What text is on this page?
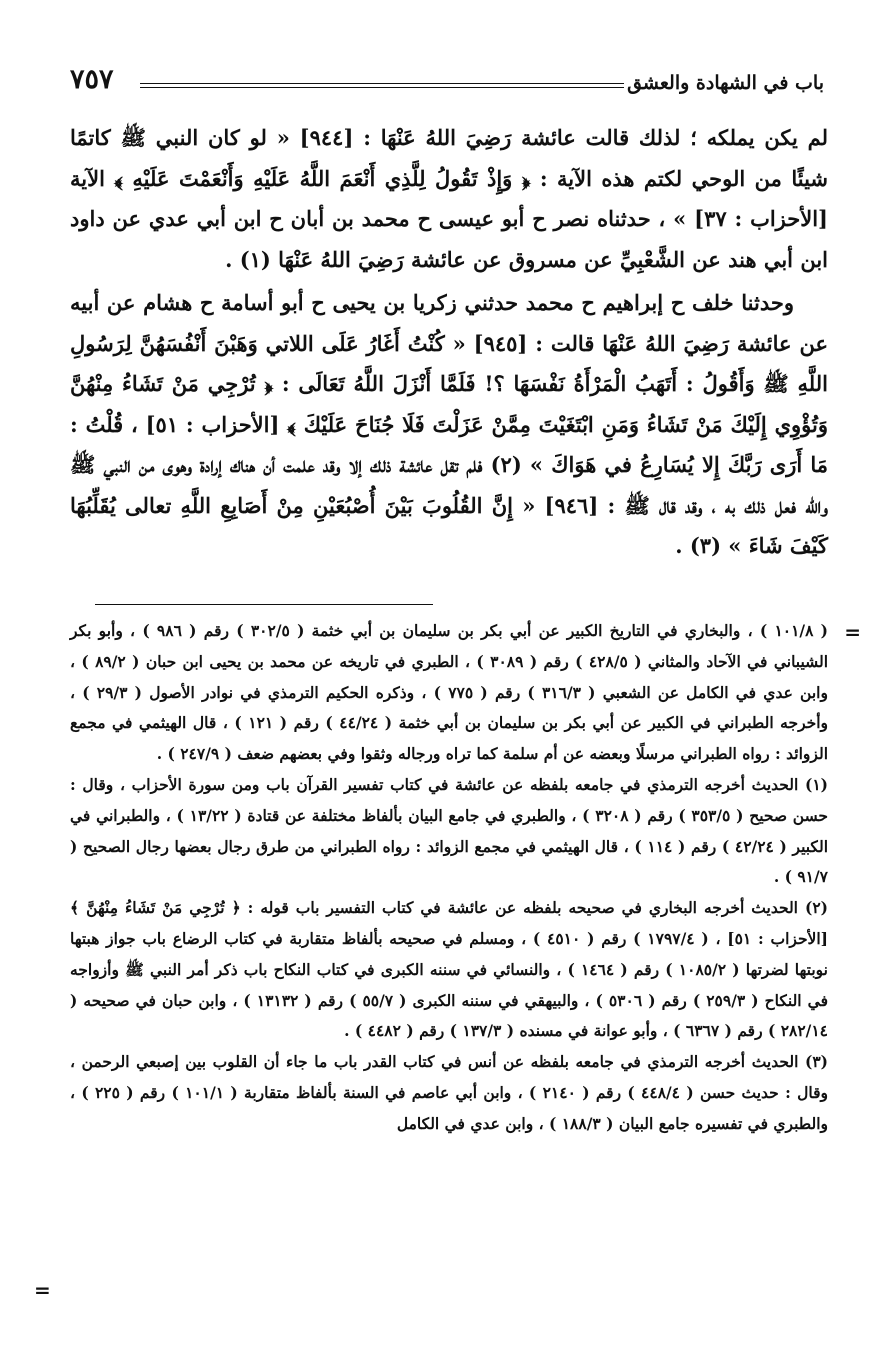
٧٥٧	باب في الشهادة والعشق

لم يكن يملكه ؛ لذلك قالت عائشة رَضِيَ اللهُ عَنْهَا : [٩٤٤] « لو كان النبي ﷺ كاتمًا شيئًا من الوحي لكتم هذه الآية : ﴿ وَإِذْ تَقُولُ لِلَّذِي أَنْعَمَ اللَّهُ عَلَيْهِ وَأَنْعَمْتَ عَلَيْهِ ﴾ الآية [الأحزاب : ٣٧] » ، حدثناه نصر ح أبو عيسى ح محمد بن أبان ح ابن أبي عدي عن داود ابن أبي هند عن الشَّعْبِيِّ عن مسروق عن عائشة رَضِيَ اللهُ عَنْهَا (١) .

وحدثنا خلف ح إبراهيم ح محمد حدثني زكريا بن يحيى ح أبو أسامة ح هشام عن أبيه عن عائشة رَضِيَ اللهُ عَنْهَا قالت : [٩٤٥] « كُنْتُ أَغَارُ عَلَى اللاتي وَهَبْنَ أَنْفُسَهُنَّ لِرَسُولِ اللَّهِ ﷺ وَأَقُولُ : أَتَهَبُ الْمَرْأَةُ نَفْسَهَا ؟! فَلَمَّا أَنْزَلَ اللَّهُ تَعَالَى : ﴿ تُرْجِي مَنْ تَشَاءُ مِنْهُنَّ وَتُؤْوِي إِلَيْكَ مَنْ تَشَاءُ وَمَنِ ابْتَغَيْتَ مِمَّنْ عَزَلْتَ فَلَا جُنَاحَ عَلَيْكَ ﴾ [الأحزاب : ٥١] ، قُلْتُ : مَا أَرَى رَبَّكَ إِلا يُسَارِعُ في هَوَاكَ » (٢) فلم تقل عائشة ذلك إلا وقد علمت أن هناك إرادة وهوى من النبي ﷺ والله فعل ذلك به ، وقد قال ﷺ : [٩٤٦] « إِنَّ القُلُوبَ بَيْنَ أُصْبُعَيْنِ مِنْ أَصَابِعِ اللَّهِ تعالى يُقَلِّبُهَا كَيْفَ شَاءَ » (٣) .

=

( ١٠١/٨ ) ، والبخاري في التاريخ الكبير عن أبي بكر بن سليمان بن أبي خثمة ( ٣٠٢/٥ ) رقم ( ٩٨٦ ) ، وأبو بكر الشيباني في الآحاد والمثاني ( ٤٢٨/٥ ) رقم ( ٣٠٨٩ ) ، الطبري في تاريخه عن محمد بن يحيى ابن حبان ( ٨٩/٢ ) ، وابن عدي في الكامل عن الشعبي ( ٣١٦/٣ ) رقم ( ٧٧٥ ) ، وذكره الحكيم الترمذي في نوادر الأصول ( ٢٩/٣ ) ، وأخرجه الطبراني في الكبير عن أبي بكر بن سليمان بن أبي خثمة ( ٤٤/٢٤ ) رقم ( ١٢١ ) ، قال الهيثمي في مجمع الزوائد : رواه الطبراني مرسلًا وبعضه عن أم سلمة كما تراه ورجاله وثقوا وفي بعضهم ضعف ( ٢٤٧/٩ ) .

(١) الحديث أخرجه الترمذي في جامعه بلفظه عن عائشة في كتاب تفسير القرآن باب ومن سورة الأحزاب ، وقال : حسن صحيح ( ٣٥٣/٥ ) رقم ( ٣٢٠٨ ) ، والطبري في جامع البيان بألفاظ مختلفة عن قتادة ( ١٣/٢٢ ) ، والطبراني في الكبير ( ٤٢/٢٤ ) رقم ( ١١٤ ) ، قال الهيثمي في مجمع الزوائد : رواه الطبراني من طرق رجال بعضها رجال الصحيح ( ٩١/٧ ) .

(٢) الحديث أخرجه البخاري في صحيحه بلفظه عن عائشة في كتاب التفسير باب قوله : ﴿ تُرْجِي مَنْ تَشَاءُ مِنْهُنَّ ﴾ [الأحزاب : ٥١] ، ( ١٧٩٧/٤ ) رقم ( ٤٥١٠ ) ، ومسلم في صحيحه بألفاظ متقاربة في كتاب الرضاع باب جواز هبتها نوبتها لضرتها ( ١٠٨٥/٢ ) رقم ( ١٤٦٤ ) ، والنسائي في سننه الكبرى في كتاب النكاح باب ذكر أمر النبي ﷺ وأزواجه في النكاح ( ٢٥٩/٣ ) رقم ( ٥٣٠٦ ) ، والبيهقي في سننه الكبرى ( ٥٥/٧ ) رقم ( ١٣١٣٢ ) ، وابن حبان في صحيحه ( ٢٨٢/١٤ ) رقم ( ٦٣٦٧ ) ، وأبو عوانة في مسنده ( ١٣٧/٣ ) رقم ( ٤٤٨٢ ) .

(٣) الحديث أخرجه الترمذي في جامعه بلفظه عن أنس في كتاب القدر باب ما جاء أن القلوب بين إصبعي الرحمن ، وقال : حديث حسن ( ٤٤٨/٤ ) رقم ( ٢١٤٠ ) ، وابن أبي عاصم في السنة بألفاظ متقاربة ( ١٠١/١ ) رقم ( ٢٢٥ ) ، والطبري في تفسيره جامع البيان ( ١٨٨/٣ ) ، وابن عدي في الكامل

=
